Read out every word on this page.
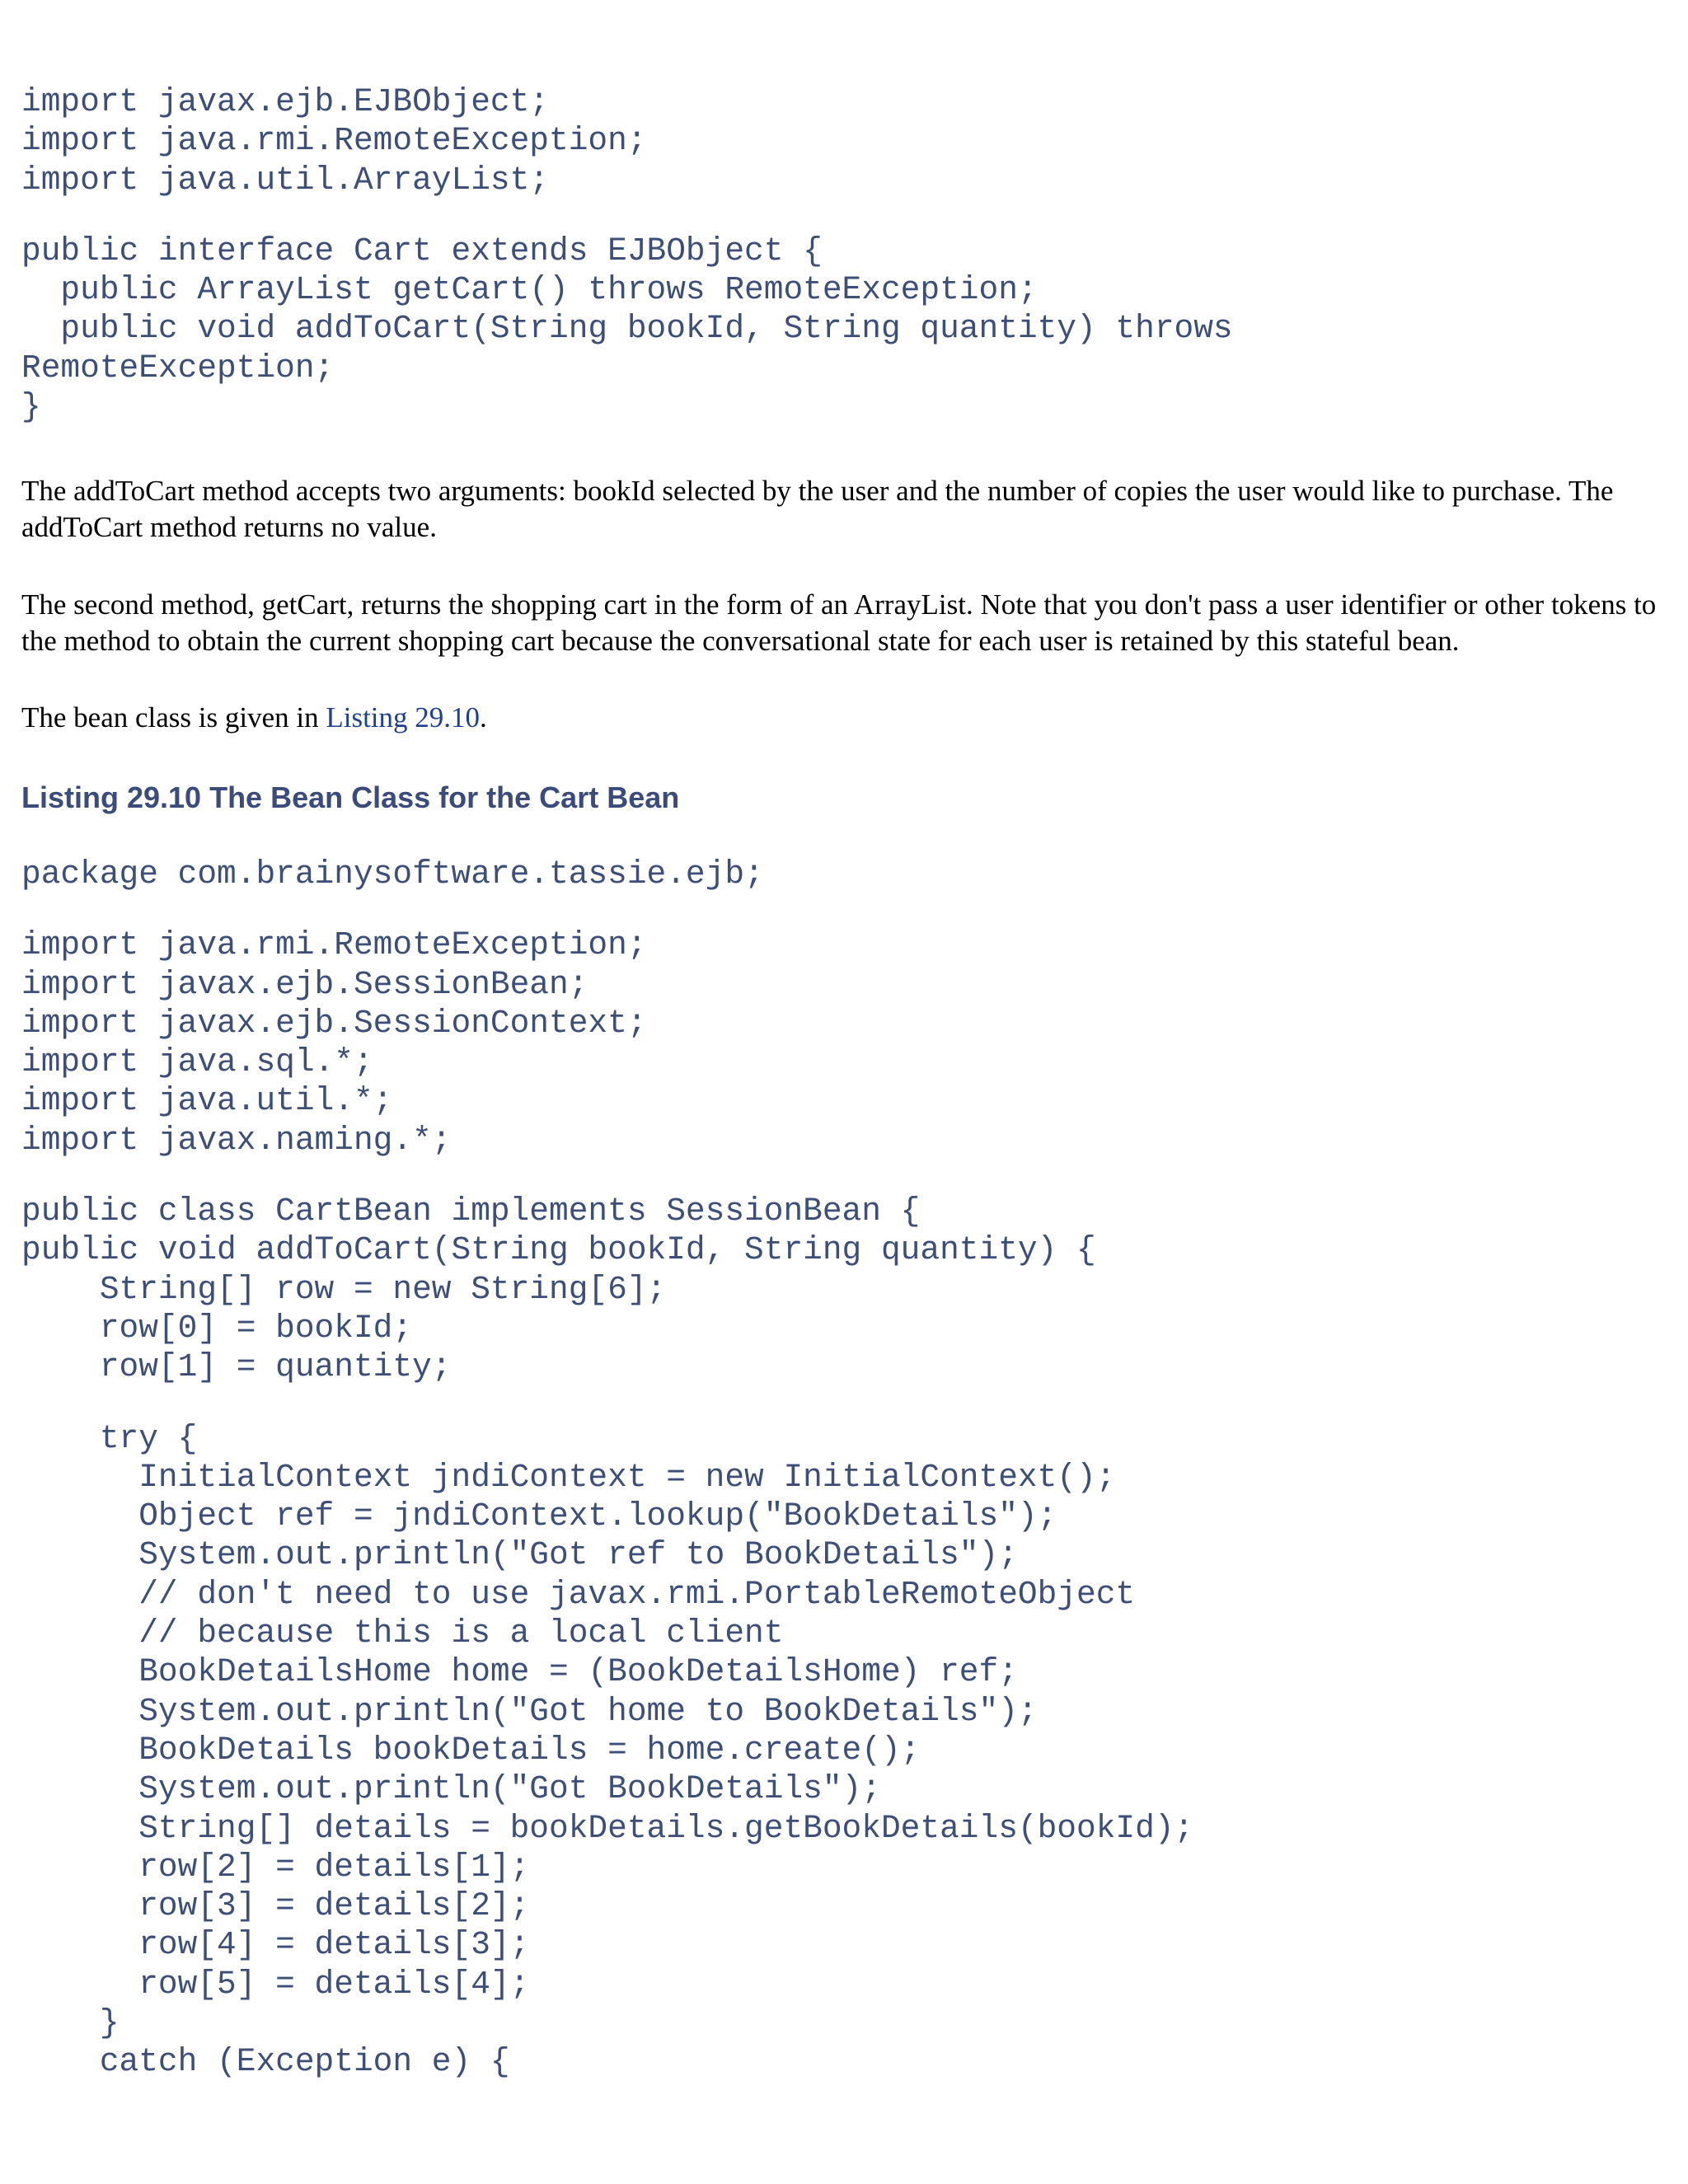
import javax.ejb.EJBObject;
import java.rmi.RemoteException;
import java.util.ArrayList;
public interface Cart extends EJBObject {
public ArrayList getCart() throws RemoteException;
public void addToCart(String bookId, String quantity) throws
RemoteException;
}

The addToCart method accepts two arguments: bookId selected by the user and the number of copies the user would like to purchase. The addToCart method returns no value.

The second method, getCart, returns the shopping cart in the form of an ArrayList. Note that you don't pass a user identifier or other tokens to the method to obtain the current shopping cart because the conversational state for each user is retained by this stateful bean.

The bean class is given in Listing 29.10.

Listing 29.10 The Bean Class for the Cart Bean
package com.brainysoftware.tassie.ejb;
import java.rmi.RemoteException;
import javax.ejb.SessionBean;
import javax.ejb.SessionContext;
import java.sql.*;
import java.util.*;
import javax.naming.*;
public class CartBean implements SessionBean {
public void addToCart(String bookId, String quantity) {
String[] row = new String[6];
row[0] = bookId;
row[1] = quantity;
try {
InitialContext jndiContext = new InitialContext();
Object ref = jndiContext.lookup("BookDetails");
System.out.println("Got ref to BookDetails");
// don't need to use javax.rmi.PortableRemoteObject
// because this is a local client
BookDetailsHome home = (BookDetailsHome) ref;
System.out.println("Got home to BookDetails");
BookDetails bookDetails = home.create();
System.out.println("Got BookDetails");
String[] details = bookDetails.getBookDetails(bookId);
row[2] = details[1];
row[3] = details[2];
row[4] = details[3];
row[5] = details[4];
}
catch (Exception e) {
